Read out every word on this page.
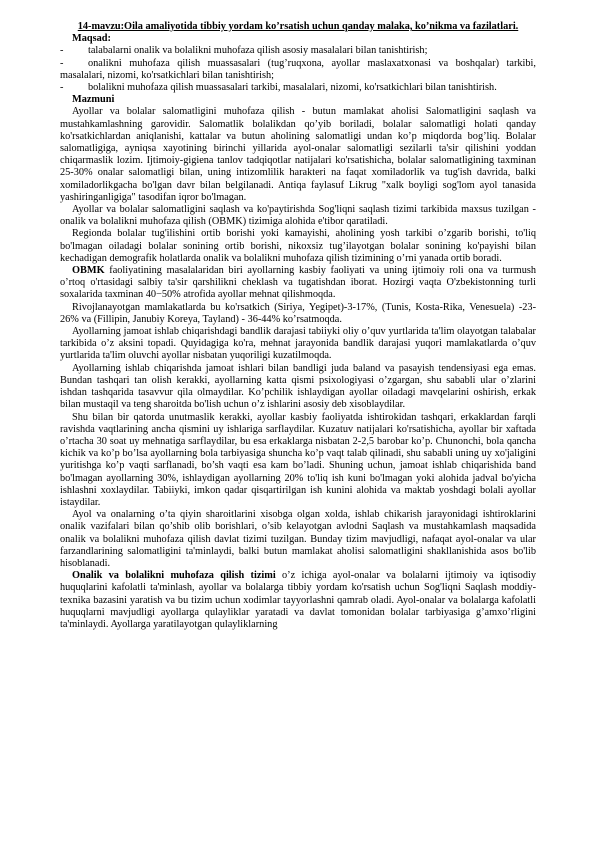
14-mavzu:Oila amaliyotida tibbiy yordam ko’rsatish uchun qanday malaka, ko’nikma va fazilatlari.

Maqsad:

- talabalarni onalik va bolalikni muhofaza qilish asosiy masalalari bilan tanishtirish;

- onalikni muhofaza qilish muassasalari (tug’ruqxona, ayollar maslaxatxonasi va boshqalar) tarkibi, masalalari, nizomi, ko'rsatkichlari bilan tanishtirish;

- bolalikni muhofaza qilish muassasalari tarkibi, masalalari, nizomi, ko'rsatkichlari bilan tanishtirish.

Mazmuni

Ayollar va bolalar salomatligini muhofaza qilish - butun mamlakat aholisi Salomatligini saqlash va mustahkamlashning garovidir. Salomatlik bolalikdan qo’yib boriladi, bolalar salomatligi holati qanday ko'rsatkichlardan aniqlanishi, kattalar va butun aholining salomatligi undan ko’p miqdorda bog’liq. Bolalar salomatligiga, ayniqsa xayotining birinchi yillarida ayol-onalar salomatligi sezilarli ta'sir qilishini yoddan chiqarmaslik lozim. Ijtimoiy-gigiena tanlov tadqiqotlar natijalari ko'rsatishicha, bolalar salomatligining taxminan 25-30% onalar salomatligi bilan, uning intizomlilik harakteri na faqat xomiladorlik va tug'ish davrida, balki xomiladorlikgacha bo'lgan davr bilan belgilanadi. Antiqa faylasuf Likrug "xalk boyligi sog'lom ayol tanasida yashiringanligiga" tasodifan iqror bo'lmagan.

Ayollar va bolalar salomatligini saqlash va ko'paytirishda Sog'liqni saqlash tizimi tarkibida maxsus tuzilgan - onalik va bolalikni muhofaza qilish (OBMK) tizimiga alohida e'tibor qaratiladi.

Regionda bolalar tug'ilishini ortib borishi yoki kamayishi, aholining yosh tarkibi o’zgarib borishi, to'liq bo'lmagan oiladagi bolalar sonining ortib borishi, nikoxsiz tug’ilayotgan bolalar sonining ko'payishi bilan kechadigan demografik holatlarda onalik va bolalikni muhofaza qilish tizimining o’rni yanada ortib boradi.

OBMK faoliyatining masalalaridan biri ayollarning kasbiy faoliyati va uning ijtimoiy roli ona va turmush o’rtoq o'rtasidagi salbiy ta'sir qarshilikni cheklash va tugatishdan iborat. Hozirgi vaqta O'zbekistonning turli soxalarida taxminan 40−50% atrofida ayollar mehnat qilishmoqda.

Rivojlanayotgan mamlakatlarda bu ko'rsatkich (Siriya, Yegipet)-3-17%, (Tunis, Kosta-Rika, Venesuela) -23-26% va (Fillipin, Janubiy Koreya, Tayland) - 36-44% ko’rsatmoqda.

Ayollarning jamoat ishlab chiqarishdagi bandlik darajasi tabiiyki oliy o’quv yurtlarida ta'lim olayotgan talabalar tarkibida o’z aksini topadi. Quyidagiga ko'ra, mehnat jarayonida bandlik darajasi yuqori mamlakatlarda o’quv yurtlarida ta'lim oluvchi ayollar nisbatan yuqoriligi kuzatilmoqda.

Ayollarning ishlab chiqarishda jamoat ishlari bilan bandligi juda baland va pasayish tendensiyasi ega emas. Bundan tashqari tan olish kerakki, ayollarning katta qismi psixologiyasi o’zgargan, shu sababli ular o’zlarini ishdan tashqarida tasavvur qila olmaydilar. Ko’pchilik ishlaydigan ayollar oiladagi mavqelarini oshirish, erkak bilan mustaqil va teng sharoitda bo'lish uchun o’z ishlarini asosiy deb xisoblaydilar.

Shu bilan bir qatorda unutmaslik kerakki, ayollar kasbiy faoliyatda ishtirokidan tashqari, erkaklardan farqli ravishda vaqtlarining ancha qismini uy ishlariga sarflaydilar. Kuzatuv natijalari ko'rsatishicha, ayollar bir xaftada o’rtacha 30 soat uy mehnatiga sarflaydilar, bu esa erkaklarga nisbatan 2-2,5 barobar ko’p. Chunonchi, bola qancha kichik va ko’p bo’lsa ayollarning bola tarbiyasiga shuncha ko’p vaqt talab qilinadi, shu sababli uning uy xo'jaligini yuritishga ko’p vaqti sarflanadi, bo’sh vaqti esa kam bo’ladi. Shuning uchun, jamoat ishlab chiqarishida band bo'lmagan ayollarning 30%, ishlaydigan ayollarning 20% to'liq ish kuni bo'lmagan yoki alohida jadval bo'yicha ishlashni xoxlaydilar. Tabiiyki, imkon qadar qisqartirilgan ish kunini alohida va maktab yoshdagi bolali ayollar istaydilar.

Ayol va onalarning o’ta qiyin sharoitlarini xisobga olgan xolda, ishlab chikarish jarayonidagi ishtiroklarini onalik vazifalari bilan qo’shib olib borishlari, o’sib kelayotgan avlodni Saqlash va mustahkamlash maqsadida onalik va bolalikni muhofaza qilish davlat tizimi tuzilgan. Bunday tizim mavjudligi, nafaqat ayol-onalar va ular farzandlarining salomatligini ta'minlaydi, balki butun mamlakat aholisi salomatligini shakllanishida asos bo'lib hisoblanadi.

Onalik va bolalikni muhofaza qilish tizimi o’z ichiga ayol-onalar va bolalarni ijtimoiy va iqtisodiy huquqlarini kafolatli ta'minlash, ayollar va bolalarga tibbiy yordam ko'rsatish uchun Sog'liqni Saqlash moddiy-texnika bazasini yaratish va bu tizim uchun xodimlar tayyorlashni qamrab oladi. Ayol-onalar va bolalarga kafolatli huquqlarni mavjudligi ayollarga qulayliklar yaratadi va davlat tomonidan bolalar tarbiyasiga g’amxo’rligini ta'minlaydi. Ayollarga yaratilayotgan qulayliklarning
